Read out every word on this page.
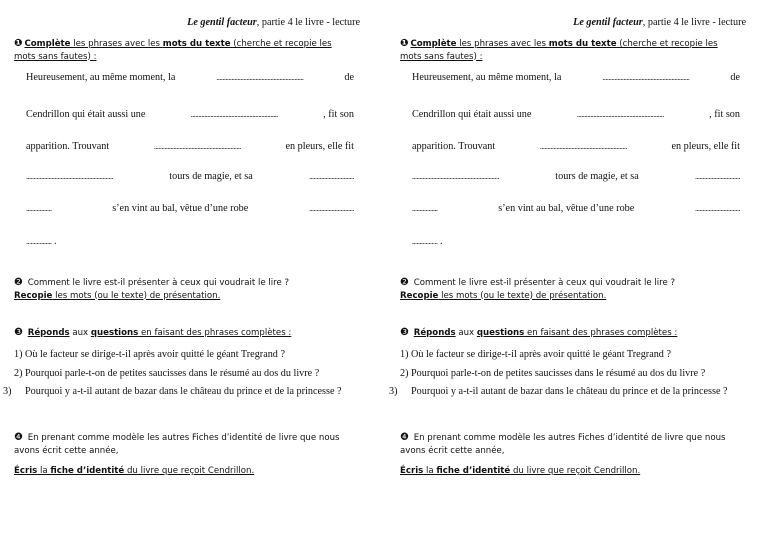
Le gentil facteur, partie 4 le livre - lecture
❶ Complète les phrases avec les mots du texte (cherche et recopie les
mots sans fautes) :
Heureusement, au même moment, la	..........................................................	de
Cendrillon qui était aussi une	..........................................................	, fit son
apparition. Trouvant	..........................................................	en pleurs, elle fit
..........................................................	tours de magie, et sa	..............................
.................	s’en vint au bal, vêtue d’une robe	..............................
................. .
❷ Comment le livre est-il présenter à ceux qui voudrait le lire ?
Recopie les mots (ou le texte) de présentation.
❸ Réponds aux questions en faisant des phrases complètes :
1) Où le facteur se dirige-t-il après avoir quitté le géant Tregrand ?
2) Pourquoi parle-t-on de petites saucisses dans le résumé au dos du livre ?
3) Pourquoi y a-t-il autant de bazar dans le château du prince et de la princesse ?
❹ En prenant comme modèle les autres Fiches d’identité de livre que nous
avons écrit cette année,
Écris la fiche d’identité du livre que reçoit Cendrillon.
Le gentil facteur, partie 4 le livre - lecture
❶ Complète les phrases avec les mots du texte (cherche et recopie les
mots sans fautes) :
Heureusement, au même moment, la	..........................................................	de
Cendrillon qui était aussi une	..........................................................	, fit son
apparition. Trouvant	..........................................................	en pleurs, elle fit
..........................................................	tours de magie, et sa	..............................
.................	s’en vint au bal, vêtue d’une robe	..............................
................. .
❷ Comment le livre est-il présenter à ceux qui voudrait le lire ?
Recopie les mots (ou le texte) de présentation.
❸ Réponds aux questions en faisant des phrases complètes :
1) Où le facteur se dirige-t-il après avoir quitté le géant Tregrand ?
2) Pourquoi parle-t-on de petites saucisses dans le résumé au dos du livre ?
3) Pourquoi y a-t-il autant de bazar dans le château du prince et de la princesse ?
❹ En prenant comme modèle les autres Fiches d’identité de livre que nous
avons écrit cette année,
Écris la fiche d’identité du livre que reçoit Cendrillon.
